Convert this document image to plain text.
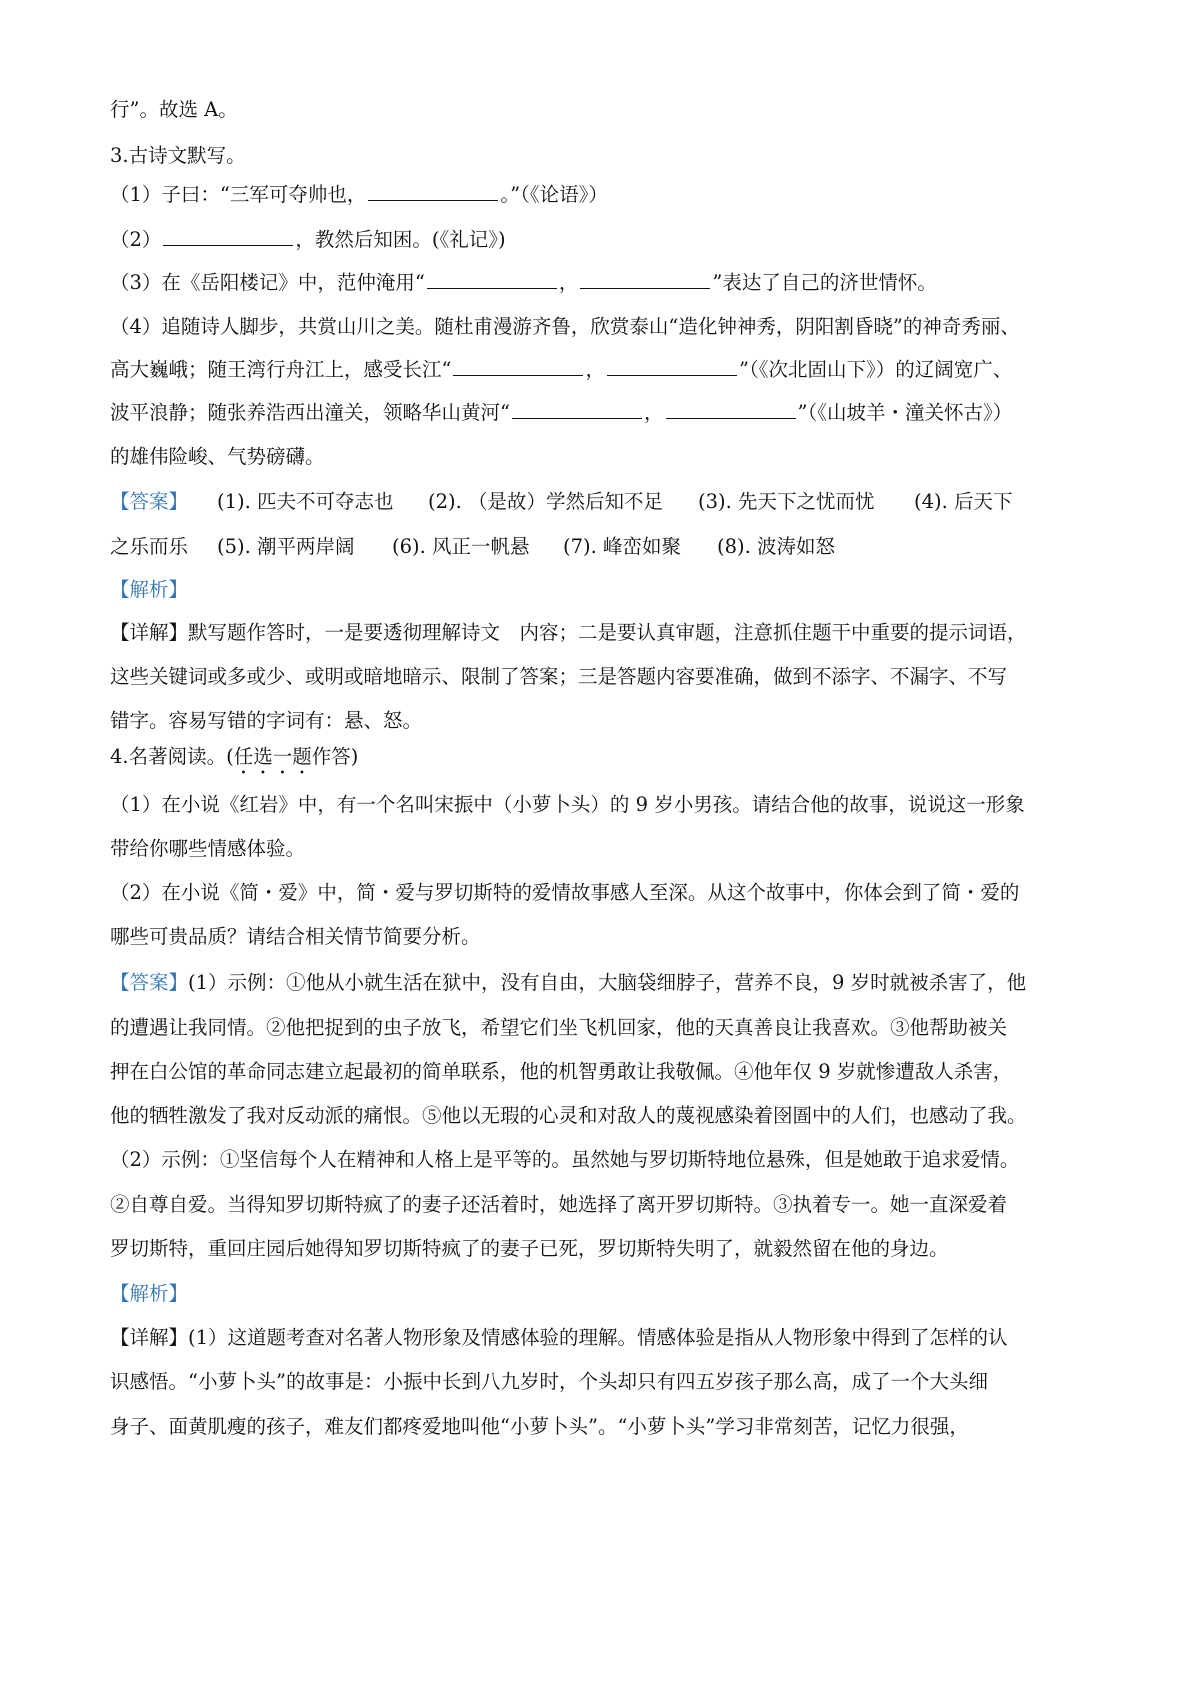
行”。故选 A。
3.古诗文默写。
（1）子曰：“三军可夺帅也，	。”（《论语》）
（2）	，教然后知困。(《礼记》)
（3）在《岳阳楼记》中，范仲淹用“	，	”表达了自己的济世情怀。
（4）追随诗人脚步，共赏山川之美。随杜甫漫游齐鲁，欣赏泰山“造化钟神秀，阴阳割昏晓”的神奇秀丽、
高大巍峨；随王湾行舟江上，感受长江“	，	”（《次北固山下》）的辽阔宽广、
波平浪静；随张养浩西出潼关，领略华山黄河“	，	”（《山坡羊・潼关怀古》）
的雄伟险峻、气势磅礴。
【答案】 (1). 匹夫不可夺志也 (2). （是故）学然后知不足 (3). 先天下之忧而忧 (4). 后天下
之乐而乐 (5). 潮平两岸阔 (6). 风正一帆悬 (7). 峰峦如聚 (8). 波涛如怒
【解析】
【详解】默写题作答时，一是要透彻理解诗文　内容；二是要认真审题，注意抓住题干中重要的提示词语，
这些关键词或多或少、或明或暗地暗示、限制了答案；三是答题内容要准确，做到不添字、不漏字、不写
错字。容易写错的字词有：悬、怒。
4.名著阅读。(任选一题作答)
（1）在小说《红岩》中，有一个名叫宋振中（小萝卜头）的 9 岁小男孩。请结合他的故事，说说这一形象
带给你哪些情感体验。
（2）在小说《简・爱》中，简・爱与罗切斯特的爱情故事感人至深。从这个故事中，你体会到了简・爱的
哪些可贵品质？请结合相关情节简要分析。
【答案】(1）示例：①他从小就生活在狱中，没有自由，大脑袋细脖子，营养不良，9 岁时就被杀害了，他
的遭遇让我同情。②他把捉到的虫子放飞，希望它们坐飞机回家，他的天真善良让我喜欢。③他帮助被关
押在白公馆的革命同志建立起最初的简单联系，他的机智勇敢让我敬佩。④他年仅 9 岁就惨遭敌人杀害，
他的牺牲激发了我对反动派的痛恨。⑤他以无瑕的心灵和对敌人的蔑视感染着囹圄中的人们，也感动了我。
（2）示例：①坚信每个人在精神和人格上是平等的。虽然她与罗切斯特地位悬殊，但是她敢于追求爱情。
②自尊自爱。当得知罗切斯特疯了的妻子还活着时，她选择了离开罗切斯特。③执着专一。她一直深爱着
罗切斯特，重回庄园后她得知罗切斯特疯了的妻子已死，罗切斯特失明了，就毅然留在他的身边。
【解析】
【详解】(1）这道题考查对名著人物形象及情感体验的理解。情感体验是指从人物形象中得到了怎样的认
识感悟。“小萝卜头”的故事是：小振中长到八九岁时，个头却只有四五岁孩子那么高，成了一个大头细
身子、面黄肌瘦的孩子，难友们都疼爱地叫他“小萝卜头”。“小萝卜头”学习非常刻苦，记忆力很强，
